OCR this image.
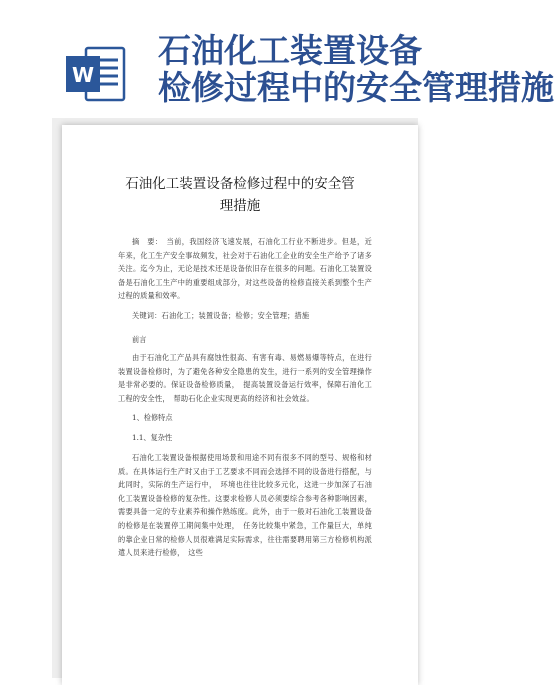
W
石油化工装置设备
检修过程中的安全管理措施
石油化工装置设备检修过程中的安全管
理措施
摘　要：　当前，我国经济飞速发展，石油化工行业不断进步。但是，近年来，化工生产安全事故频发，社会对于石油化工企业的安全生产给予了诸多关注。迄今为止，无论是技术还是设备依旧存在很多的问题。石油化工装置设备是石油化工生产中的重要组成部分，对这些设备的检修直接关系到整个生产过程的质量和效率。
关键词：石油化工；装置设备；检修；安全管理；措施
前言
由于石油化工产品具有腐蚀性很高、有害有毒、易燃易爆等特点，在进行装置设备检修时，为了避免各种安全隐患的发生，进行一系列的安全管理操作是非常必要的。保证设备检修质量，　提高装置设备运行效率，保障石油化工工程的安全性，　帮助石化企业实现更高的经济和社会效益。
1、检修特点
1.1、复杂性
石油化工装置设备根据使用场景和用途不同有很多不同的型号、规格和材质。在具体运行生产时又由于工艺要求不同而会选择不同的设备进行搭配，与此同时，实际的生产运行中，　环境也往往比较多元化，这进一步加深了石油化工装置设备检修的复杂性。这要求检修人员必须要综合参考各种影响因素，需要具备一定的专业素养和操作熟练度。此外，由于一般对石油化工装置设备的检修是在装置停工期间集中处理，　任务比较集中紧急，工作量巨大，单纯的靠企业日常的检修人员很难满足实际需求，往往需要聘用第三方检修机构派遣人员来进行检修，　这些
